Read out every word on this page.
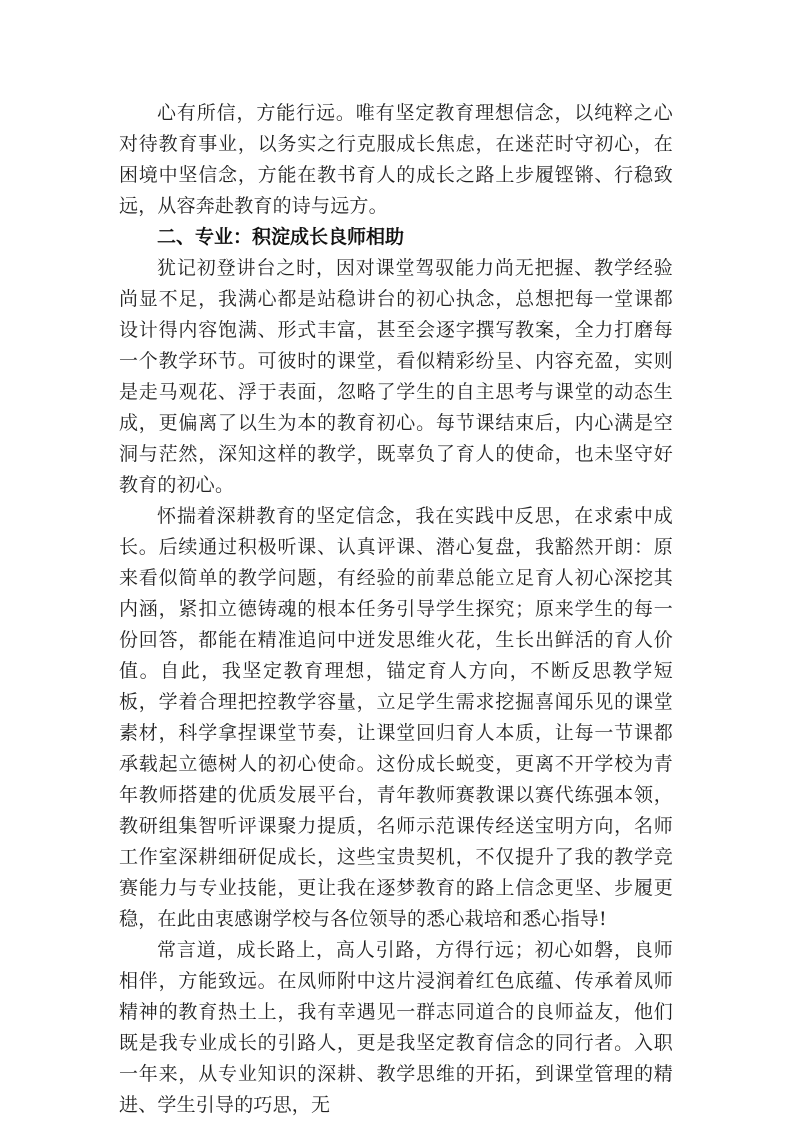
心有所信，方能行远。唯有坚定教育理想信念，以纯粹之心对待教育事业，以务实之行克服成长焦虑，在迷茫时守初心，在困境中坚信念，方能在教书育人的成长之路上步履铿锵、行稳致远，从容奔赴教育的诗与远方。

二、专业：积淀成长良师相助

犹记初登讲台之时，因对课堂驾驭能力尚无把握、教学经验尚显不足，我满心都是站稳讲台的初心执念，总想把每一堂课都设计得内容饱满、形式丰富，甚至会逐字撰写教案，全力打磨每一个教学环节。可彼时的课堂，看似精彩纷呈、内容充盈，实则是走马观花、浮于表面，忽略了学生的自主思考与课堂的动态生成，更偏离了以生为本的教育初心。每节课结束后，内心满是空洞与茫然，深知这样的教学，既辜负了育人的使命，也未坚守好教育的初心。

怀揣着深耕教育的坚定信念，我在实践中反思，在求索中成长。后续通过积极听课、认真评课、潜心复盘，我豁然开朗：原来看似简单的教学问题，有经验的前辈总能立足育人初心深挖其内涵，紧扣立德铸魂的根本任务引导学生探究；原来学生的每一份回答，都能在精准追问中迸发思维火花，生长出鲜活的育人价值。自此，我坚定教育理想，锚定育人方向，不断反思教学短板，学着合理把控教学容量，立足学生需求挖掘喜闻乐见的课堂素材，科学拿捏课堂节奏，让课堂回归育人本质，让每一节课都承载起立德树人的初心使命。这份成长蜕变，更离不开学校为青年教师搭建的优质发展平台，青年教师赛教课以赛代练强本领，教研组集智听评课聚力提质，名师示范课传经送宝明方向，名师工作室深耕细研促成长，这些宝贵契机，不仅提升了我的教学竞赛能力与专业技能，更让我在逐梦教育的路上信念更坚、步履更稳，在此由衷感谢学校与各位领导的悉心栽培和悉心指导!

常言道，成长路上，高人引路，方得行远；初心如磐，良师相伴，方能致远。在凤师附中这片浸润着红色底蕴、传承着凤师精神的教育热土上，我有幸遇见一群志同道合的良师益友，他们既是我专业成长的引路人，更是我坚定教育信念的同行者。入职一年来，从专业知识的深耕、教学思维的开拓，到课堂管理的精进、学生引导的巧思，无
